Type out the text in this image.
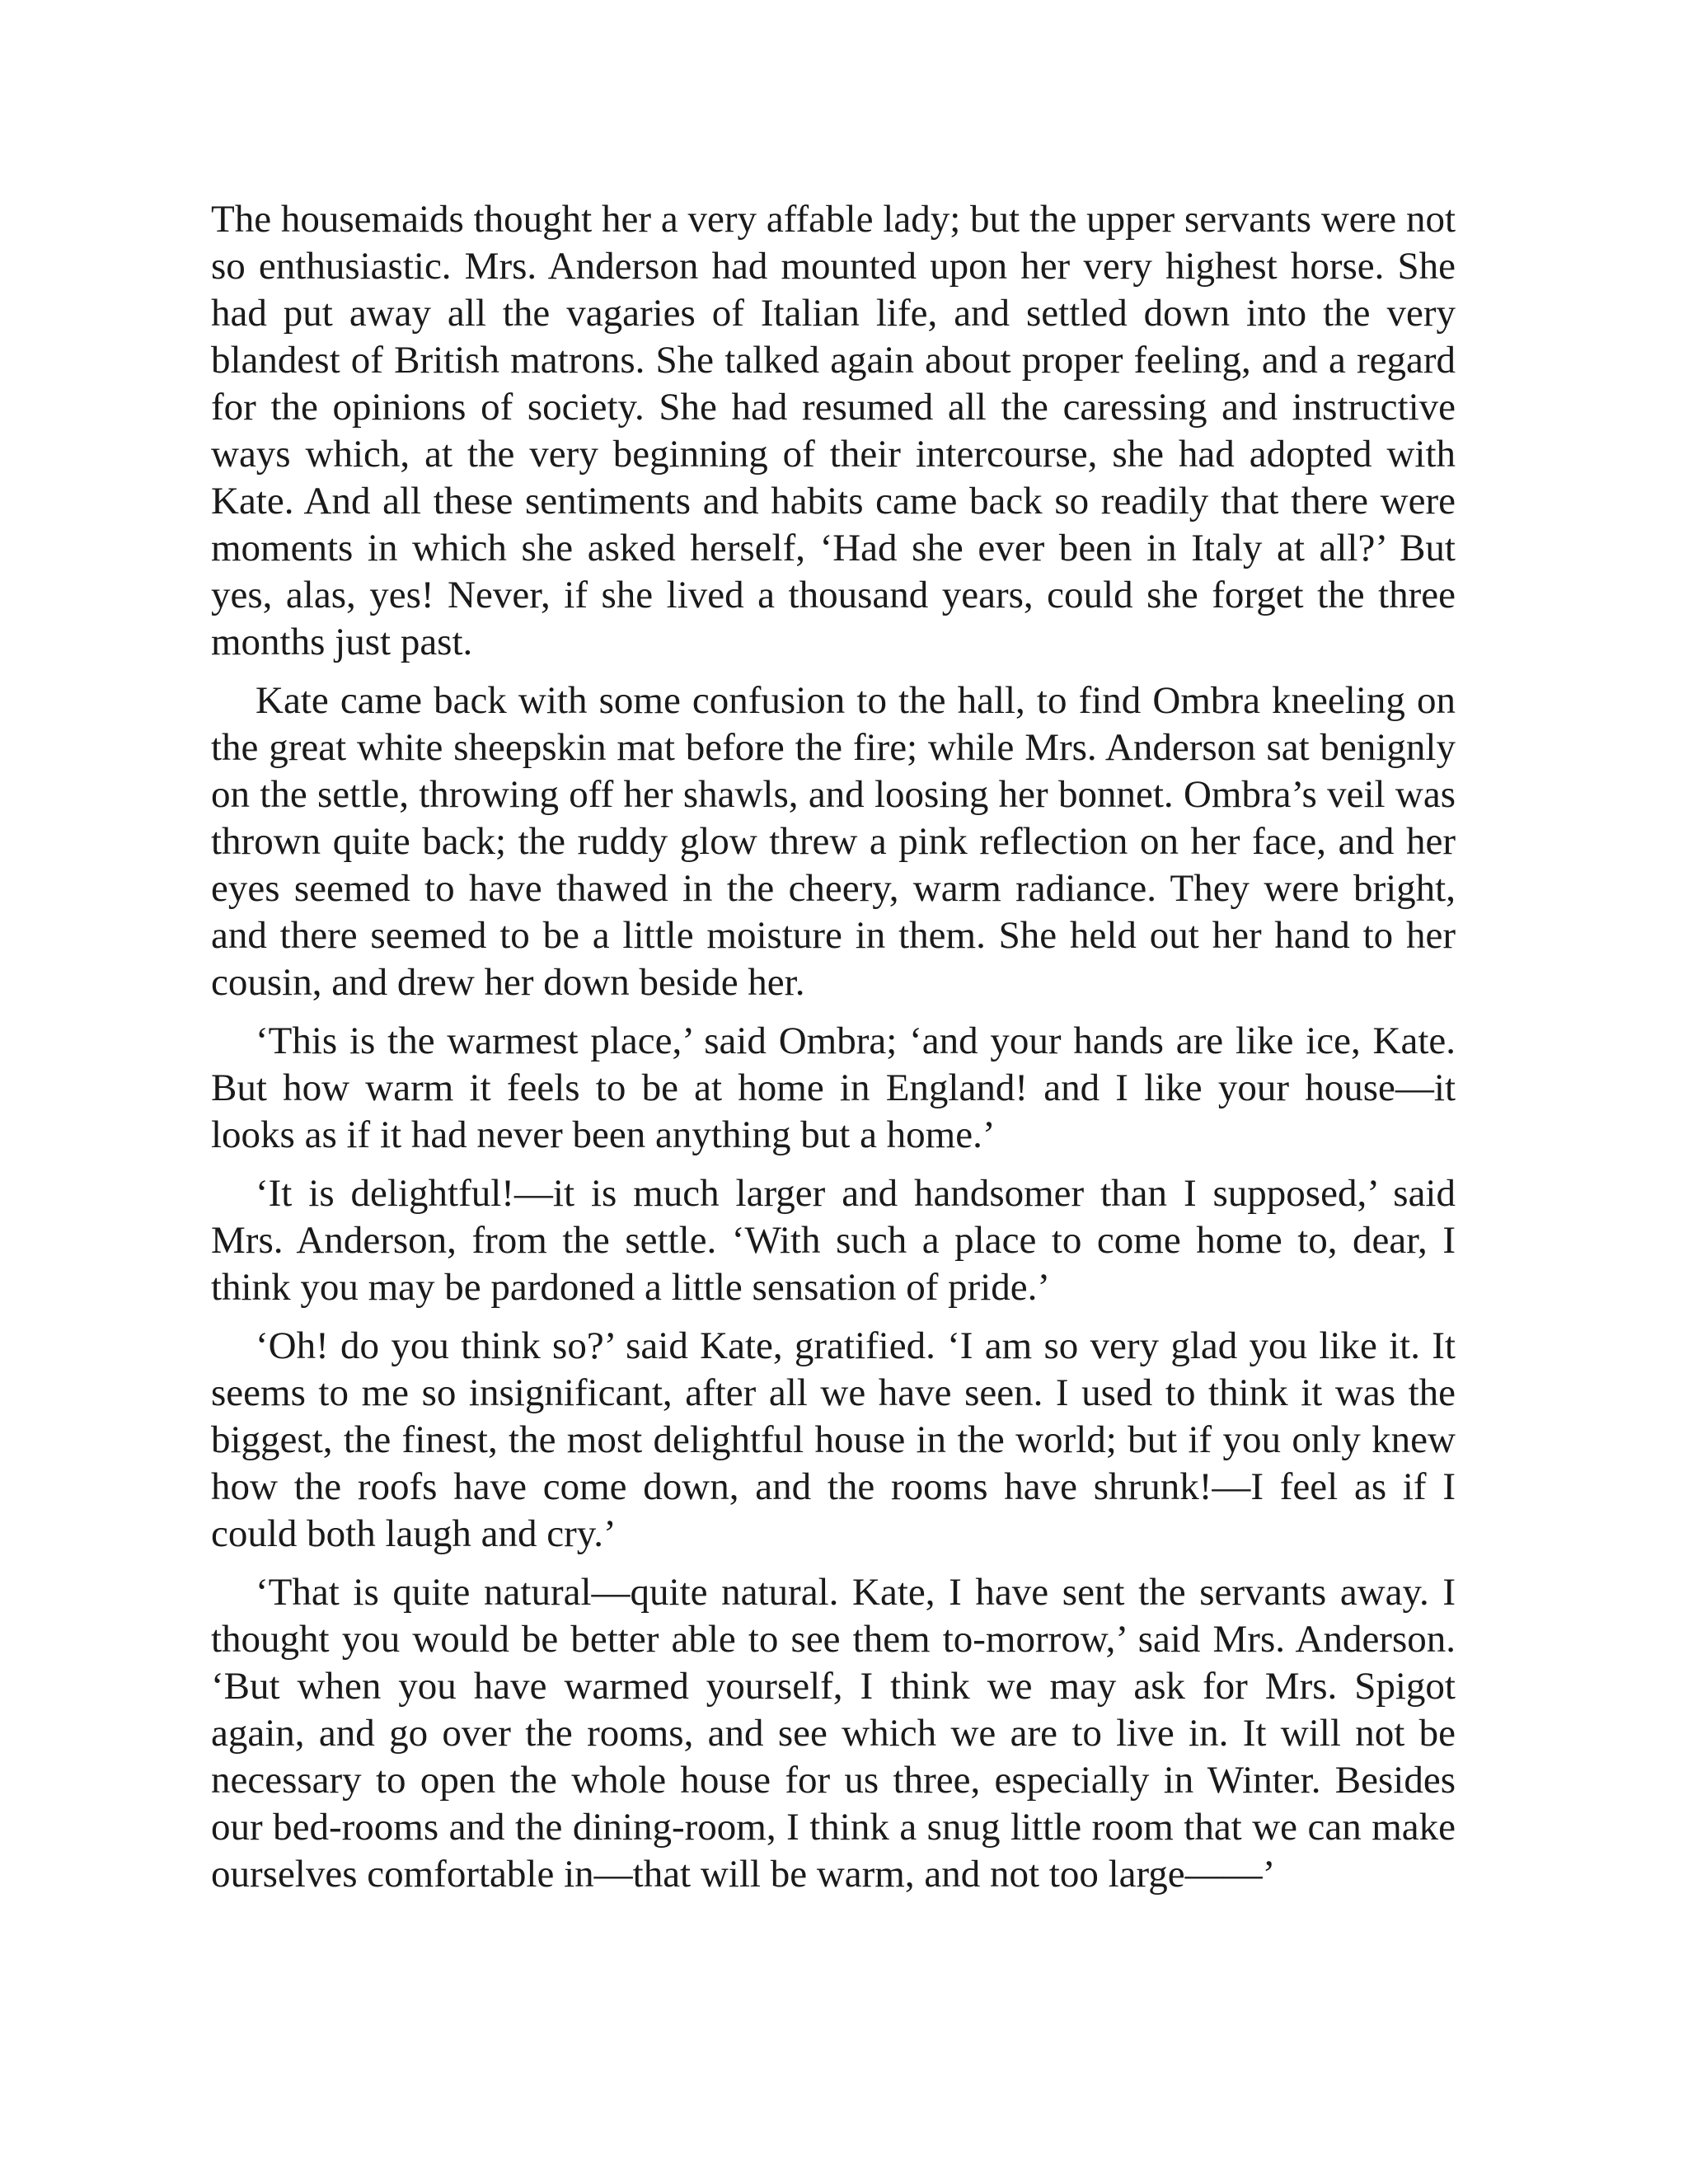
The housemaids thought her a very affable lady; but the upper servants were not so enthusiastic. Mrs. Anderson had mounted upon her very highest horse. She had put away all the vagaries of Italian life, and settled down into the very blandest of British matrons. She talked again about proper feeling, and a regard for the opinions of society. She had resumed all the caressing and instructive ways which, at the very beginning of their intercourse, she had adopted with Kate. And all these sentiments and habits came back so readily that there were moments in which she asked herself, ‘Had she ever been in Italy at all?’ But yes, alas, yes! Never, if she lived a thousand years, could she forget the three months just past.

Kate came back with some confusion to the hall, to find Ombra kneeling on the great white sheepskin mat before the fire; while Mrs. Anderson sat benignly on the settle, throwing off her shawls, and loosing her bonnet. Ombra’s veil was thrown quite back; the ruddy glow threw a pink reflection on her face, and her eyes seemed to have thawed in the cheery, warm radiance. They were bright, and there seemed to be a little moisture in them. She held out her hand to her cousin, and drew her down beside her.

‘This is the warmest place,’ said Ombra; ‘and your hands are like ice, Kate. But how warm it feels to be at home in England! and I like your house—it looks as if it had never been anything but a home.’

‘It is delightful!—it is much larger and handsomer than I supposed,’ said Mrs. Anderson, from the settle. ‘With such a place to come home to, dear, I think you may be pardoned a little sensation of pride.’

‘Oh! do you think so?’ said Kate, gratified. ‘I am so very glad you like it. It seems to me so insignificant, after all we have seen. I used to think it was the biggest, the finest, the most delightful house in the world; but if you only knew how the roofs have come down, and the rooms have shrunk!—I feel as if I could both laugh and cry.’

‘That is quite natural—quite natural. Kate, I have sent the servants away. I thought you would be better able to see them to-morrow,’ said Mrs. Anderson. ‘But when you have warmed yourself, I think we may ask for Mrs. Spigot again, and go over the rooms, and see which we are to live in. It will not be necessary to open the whole house for us three, especially in Winter. Besides our bed-rooms and the dining-room, I think a snug little room that we can make ourselves comfortable in—that will be warm, and not too large——’
